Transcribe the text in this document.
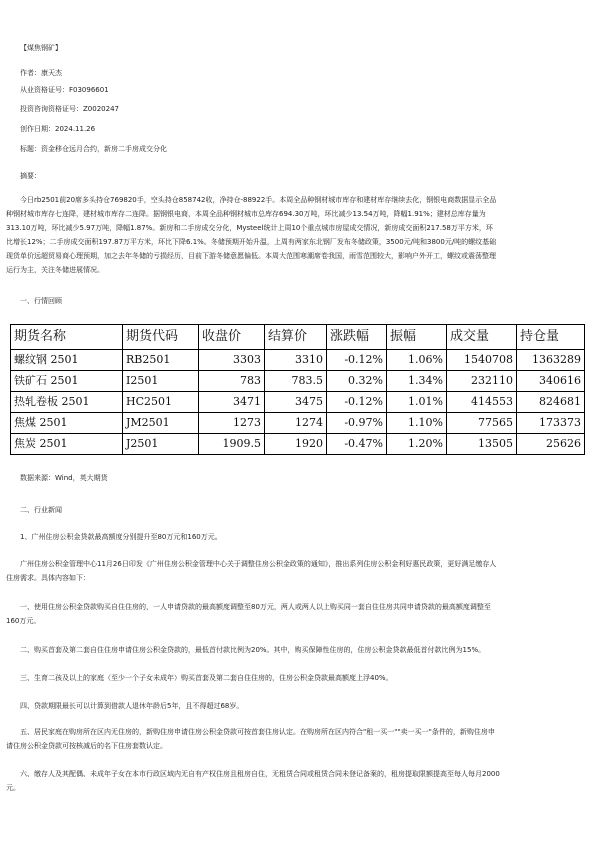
【煤焦钢矿】
作者：康天杰
从业资格证号：F03096601
投资咨询资格证号：Z0020247
创作日期：2024.11.26
标题：资金移仓远月合约，新房二手房成交分化
摘要：
今日rb2501前20席多头持仓769820手，空头持仓858742收，净持仓-88922手。本周全品种钢材城市库存和建材库存继续去化，钢银电商数据显示全品
种钢材城市库存七连降，建材城市库存二连降。据钢银电商，本周全品种钢材城市总库存694.30万吨，环比减少13.54万吨，降幅1.91%；建材总库存量为
313.10万吨，环比减少5.97万吨，降幅1.87%。新房和二手房成交分化，Mysteel统计上周10个重点城市房屋成交情况，新房成交面积217.58万平方米，环
比增长12%；二手房成交面积197.87万平方米，环比下降6.1%。冬储预期开始升温，上周有两家东北钢厂发布冬储政策，3500元/吨和3800元/吨的螺纹基础
现货单价远超贸易商心理预期，加之去年冬储的亏损经历，目前下游冬储意愿偏低。本周大范围寒潮席卷我国，雨雪范围较大，影响户外开工，螺纹或震荡整理
运行为主，关注冬储进展情况。
一、行情回顾
期货名称	期货代码	收盘价	结算价	涨跌幅	振幅	成交量	持仓量
螺纹钢 2501	RB2501	3303	3310	-0.12%	1.06%	1540708	1363289
铁矿石 2501	I2501	783	783.5	0.32%	1.34%	232110	340616
热轧卷板 2501	HC2501	3471	3475	-0.12%	1.01%	414553	824681
焦煤 2501	JM2501	1273	1274	-0.97%	1.10%	77565	173373
焦炭 2501	J2501	1909.5	1920	-0.47%	1.20%	13505	25626
数据来源：Wind，英大期货
二、行业新闻
1、广州住房公积金贷款最高额度分别提升至80万元和160万元。
广州住房公积金管理中心11月26日印发《广州住房公积金管理中心关于调整住房公积金政策的通知》，推出系列住房公积金利好惠民政策，更好满足缴存人
住房需求。具体内容如下：
一、使用住房公积金贷款购买自住住房的，一人申请贷款的最高额度调整至80万元，两人或两人以上购买同一套自住住房共同申请贷款的最高额度调整至
160万元。
二、购买首套及第二套自住住房申请住房公积金贷款的，最低首付款比例为20%。其中，购买保障性住房的，住房公积金贷款最低首付款比例为15%。
三、生育二孩及以上的家庭（至少一个子女未成年）购买首套及第二套自住住房的，住房公积金贷款最高额度上浮40%。
四、贷款期限最长可以计算到借款人退休年龄后5年，且不得超过68岁。
五、居民家庭在购房所在区内无住房的，新购住房申请住房公积金贷款可按首套住房认定。在购房所在区内符合"租一买一""卖一买一"条件的，新购住房申
请住房公积金贷款可按核减后的名下住房套数认定。
六、缴存人及其配偶、未成年子女在本市行政区域内无自有产权住房且租房自住，无租赁合同或租赁合同未登记备案的，租房提取限额提高至每人每月2000
元。
